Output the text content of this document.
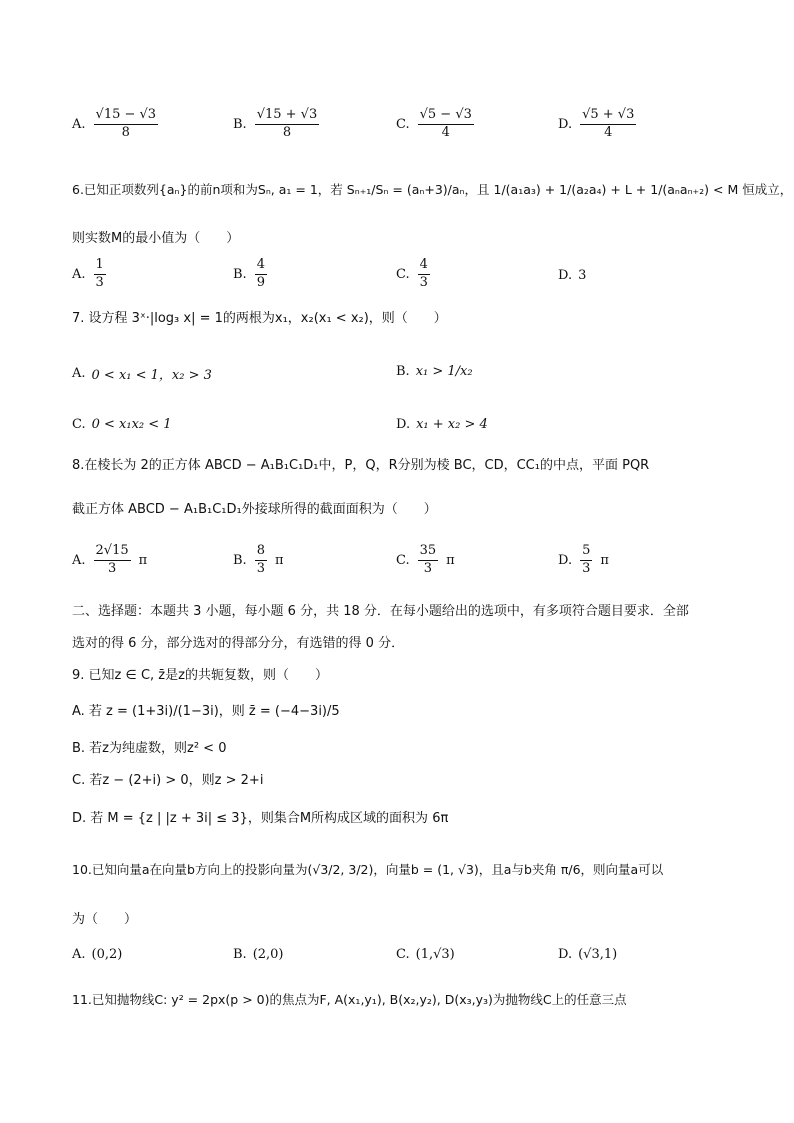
A. $\frac{√15 - √3}{8}$	B. $\frac{√15 + √3}{8}$	C. $\frac{√5 - √3}{4}$	D. $\frac{√5 + √3}{4}$
6.已知正项数列{aₙ}的前n项和为Sₙ, a₁ = 1，若 Sₙ₊₁/Sₙ = (aₙ+3)/aₙ，且 1/(a₁a₃) + 1/(a₂a₄) + L + 1/(aₙaₙ₊₂) < M 恒成立，
则实数M的最小值为（　　）
A. $\frac{1}{3}$	B. $\frac{4}{9}$	C. $\frac{4}{3}$	D. 3
7. 设方程 3ˣ·|log₃ x| = 1的两根为x₁，x₂(x₁ < x₂)，则（　　）
A. 0 < x₁ < 1，x₂ > 3	B. x₁ > 1/x₂
C. 0 < x₁x₂ < 1	D. x₁ + x₂ > 4
8.在棱长为 2的正方体 ABCD − A₁B₁C₁D₁中，P，Q，R分别为棱 BC，CD，CC₁的中点，平面 PQR
截正方体 ABCD − A₁B₁C₁D₁外接球所得的截面面积为（　　）
A. $\frac{2√15}{3}$ π	B. $\frac{8}{3}$ π	C. $\frac{35}{3}$ π	D. $\frac{5}{3}$ π
二、选择题：本题共 3 小题，每小题 6 分，共 18 分．在每小题给出的选项中，有多项符合题目要求．全部
选对的得 6 分，部分选对的得部分分，有选错的得 0 分．
9. 已知z ∈ C, z̄是z的共轭复数，则（　　）
A. 若 z = (1+3i)/(1−3i)，则 z̄ = (−4−3i)/5
B. 若z为纯虚数，则z² < 0
C. 若z − (2+i) > 0，则z > 2+i
D. 若 M = {z | |z + 3i| ≤ 3}，则集合M所构成区域的面积为 6π
10.已知向量a在向量b方向上的投影向量为(√3/2, 3/2)，向量b = (1, √3)，且a与b夹角 π/6，则向量a可以
为（　　）
A. (0,2)	B. (2,0)	C. (1,√3)	D. (√3,1)
11.已知抛物线C: y² = 2px(p > 0)的焦点为F, A(x₁,y₁), B(x₂,y₂), D(x₃,y₃)为抛物线C上的任意三点
